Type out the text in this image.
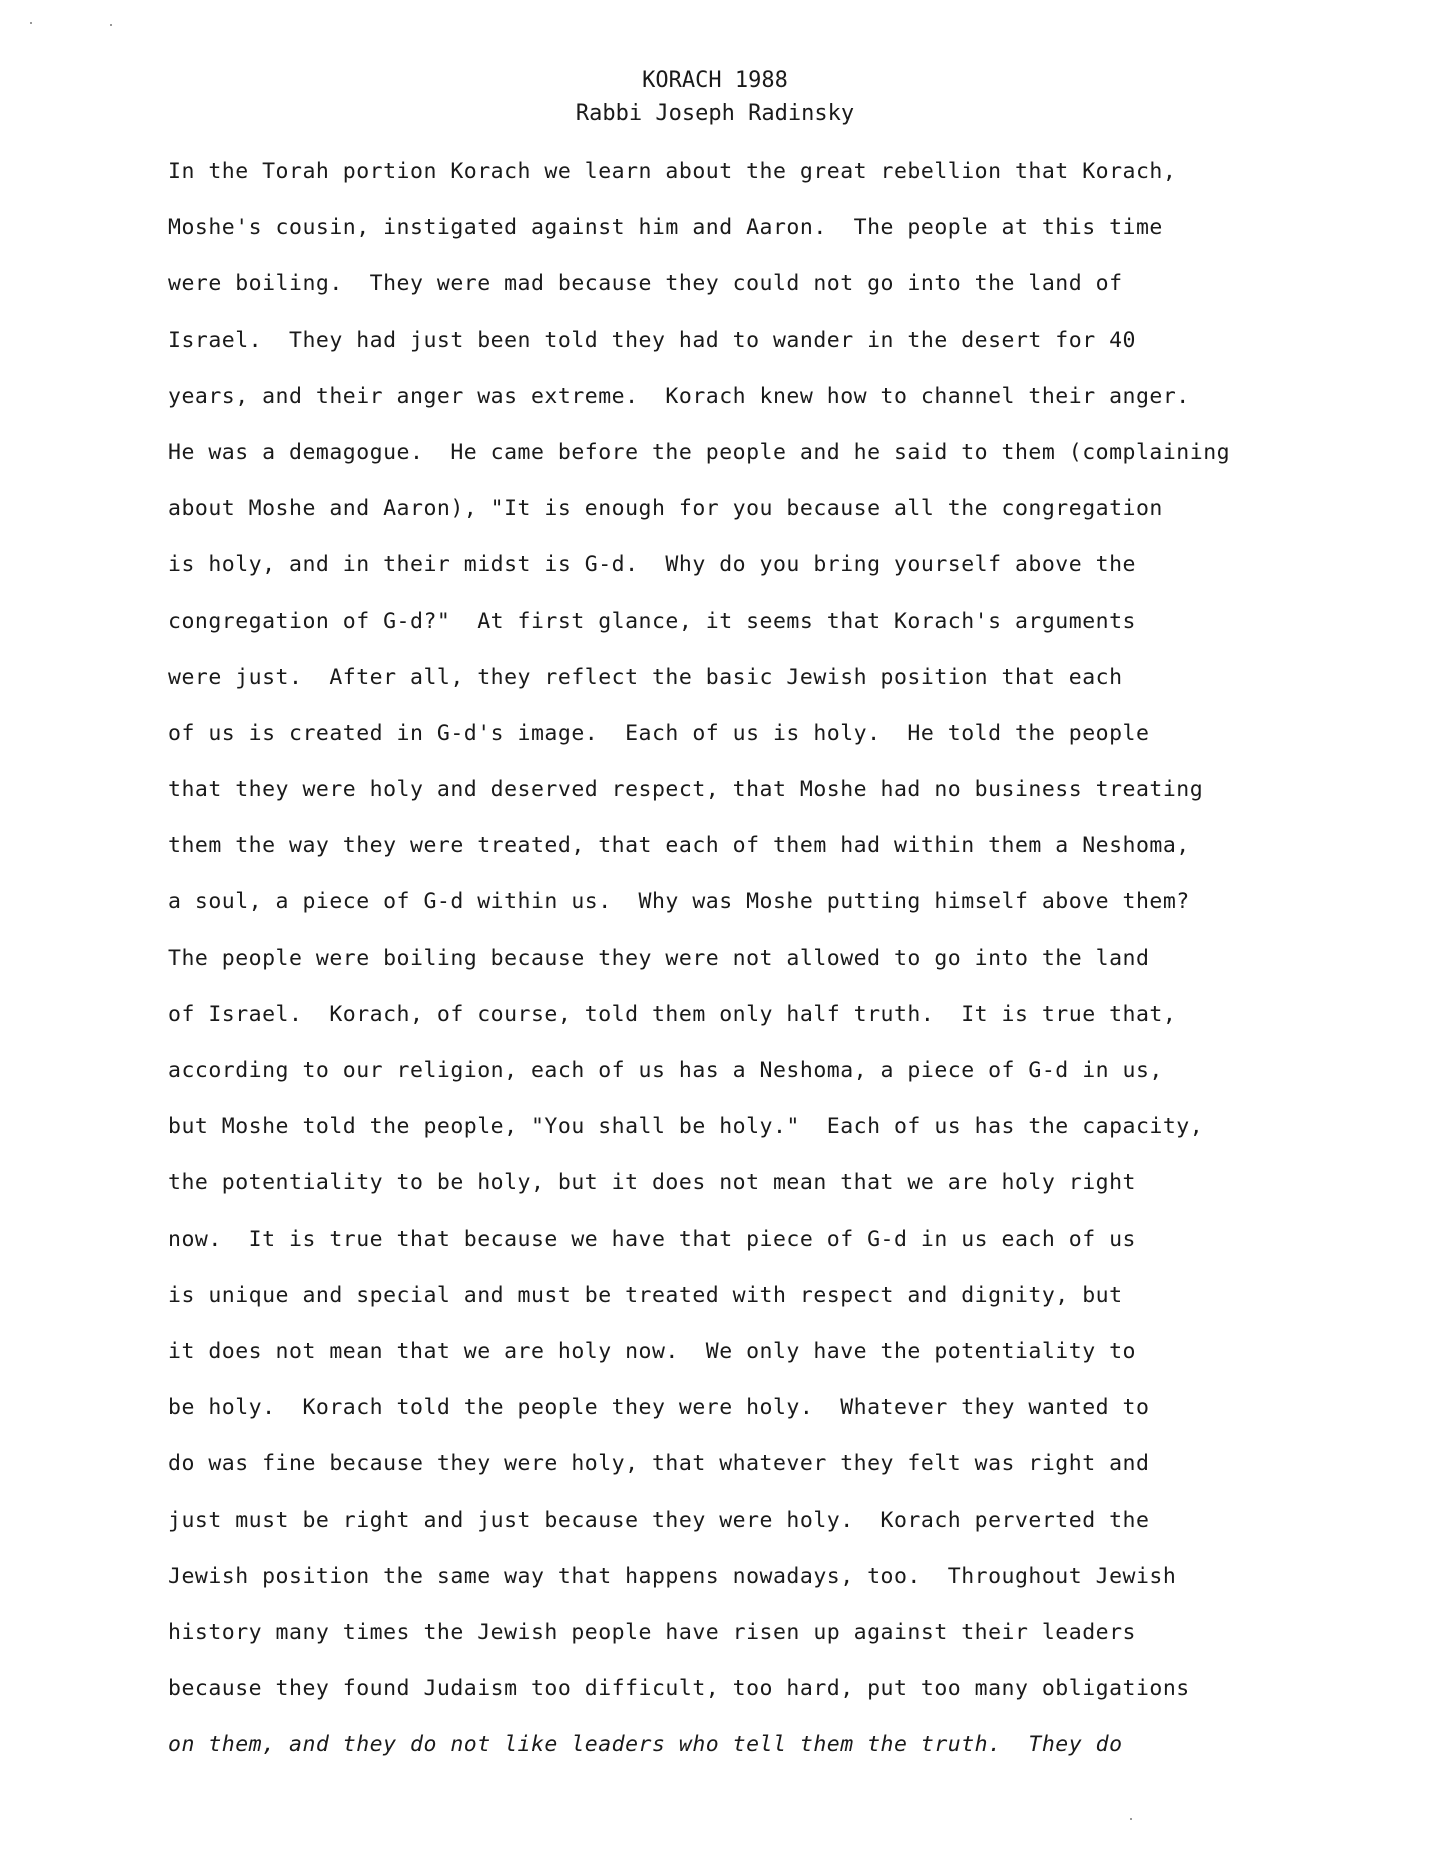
KORACH 1988
Rabbi Joseph Radinsky
In the Torah portion Korach we learn about the great rebellion that Korach,
Moshe's cousin, instigated against him and Aaron.  The people at this time
were boiling.  They were mad because they could not go into the land of
Israel.  They had just been told they had to wander in the desert for 40
years, and their anger was extreme.  Korach knew how to channel their anger.
He was a demagogue.  He came before the people and he said to them (complaining
about Moshe and Aaron), "It is enough for you because all the congregation
is holy, and in their midst is G-d.  Why do you bring yourself above the
congregation of G-d?"  At first glance, it seems that Korach's arguments
were just.  After all, they reflect the basic Jewish position that each
of us is created in G-d's image.  Each of us is holy.  He told the people
that they were holy and deserved respect, that Moshe had no business treating
them the way they were treated, that each of them had within them a Neshoma,
a soul, a piece of G-d within us.  Why was Moshe putting himself above them?
The people were boiling because they were not allowed to go into the land
of Israel.  Korach, of course, told them only half truth.  It is true that,
according to our religion, each of us has a Neshoma, a piece of G-d in us,
but Moshe told the people, "You shall be holy."  Each of us has the capacity,
the potentiality to be holy, but it does not mean that we are holy right
now.  It is true that because we have that piece of G-d in us each of us
is unique and special and must be treated with respect and dignity, but
it does not mean that we are holy now.  We only have the potentiality to
be holy.  Korach told the people they were holy.  Whatever they wanted to
do was fine because they were holy, that whatever they felt was right and
just must be right and just because they were holy.  Korach perverted the
Jewish position the same way that happens nowadays, too.  Throughout Jewish
history many times the Jewish people have risen up against their leaders
because they found Judaism too difficult, too hard, put too many obligations
on them, and they do not like leaders who tell them the truth.  They do
